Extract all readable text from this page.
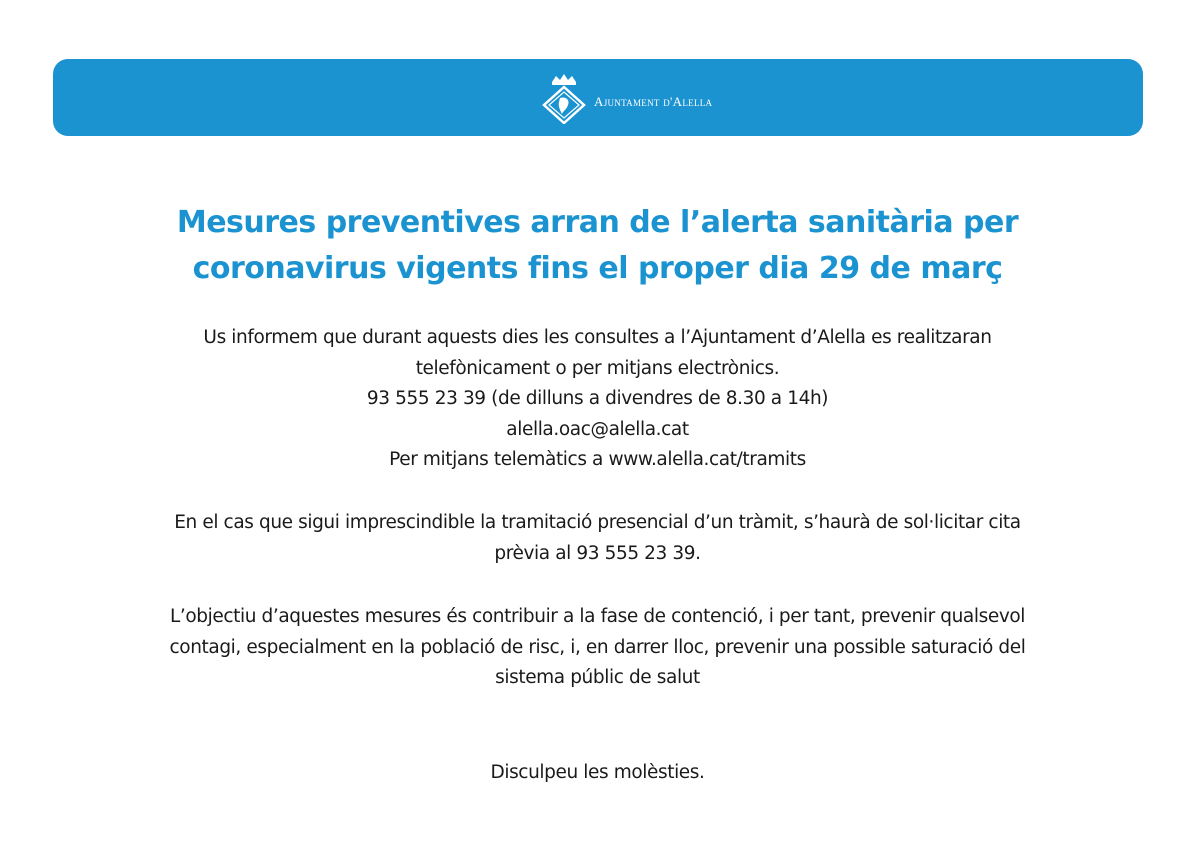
Ajuntament d'Alella
Mesures preventives arran de l’alerta sanitària per
coronavirus vigents fins el proper dia 29 de març
Us informem que durant aquests dies les consultes a l’Ajuntament d’Alella es realitzaran
telefònicament o per mitjans electrònics.
93 555 23 39 (de dilluns a divendres de 8.30 a 14h)
alella.oac@alella.cat
Per mitjans telemàtics a www.alella.cat/tramits
En el cas que sigui imprescindible la tramitació presencial d’un tràmit, s’haurà de sol·licitar cita
prèvia al 93 555 23 39.
L’objectiu d’aquestes mesures és contribuir a la fase de contenció, i per tant, prevenir qualsevol
contagi, especialment en la població de risc, i, en darrer lloc, prevenir una possible saturació del
sistema públic de salut
Disculpeu les molèsties.
